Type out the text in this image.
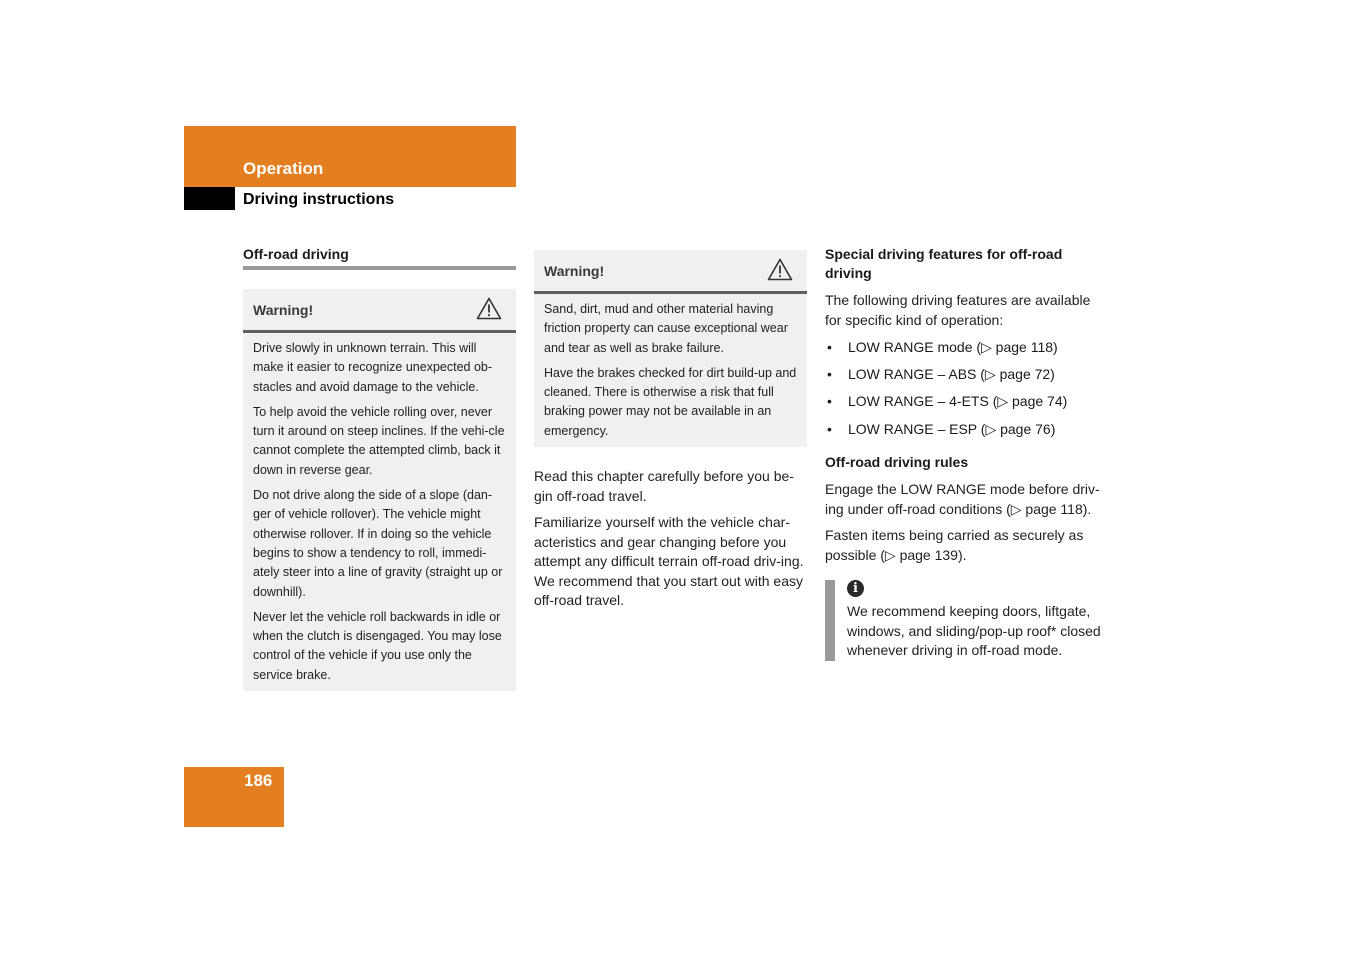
Operation
Driving instructions
Off-road driving
Warning!

Drive slowly in unknown terrain. This will make it easier to recognize unexpected ob-stacles and avoid damage to the vehicle.

To help avoid the vehicle rolling over, never turn it around on steep inclines. If the vehi-cle cannot complete the attempted climb, back it down in reverse gear.

Do not drive along the side of a slope (dan-ger of vehicle rollover). The vehicle might otherwise rollover. If in doing so the vehicle begins to show a tendency to roll, immedi-ately steer into a line of gravity (straight up or downhill).

Never let the vehicle roll backwards in idle or when the clutch is disengaged. You may lose control of the vehicle if you use only the service brake.

Warning!

Sand, dirt, mud and other material having friction property can cause exceptional wear and tear as well as brake failure.

Have the brakes checked for dirt build-up and cleaned. There is otherwise a risk that full braking power may not be available in an emergency.

Read this chapter carefully before you be-gin off-road travel.

Familiarize yourself with the vehicle char-acteristics and gear changing before you attempt any difficult terrain off-road driv-ing. We recommend that you start out with easy off-road travel.

Special driving features for off-road driving

The following driving features are available for specific kind of operation:

• LOW RANGE mode (▷ page 118)
• LOW RANGE – ABS (▷ page 72)
• LOW RANGE – 4-ETS (▷ page 74)
• LOW RANGE – ESP (▷ page 76)
Off-road driving rules

Engage the LOW RANGE mode before driv-ing under off-road conditions (▷ page 118).

Fasten items being carried as securely as possible (▷ page 139).

i
We recommend keeping doors, liftgate, windows, and sliding/pop-up roof* closed whenever driving in off-road mode.
186
